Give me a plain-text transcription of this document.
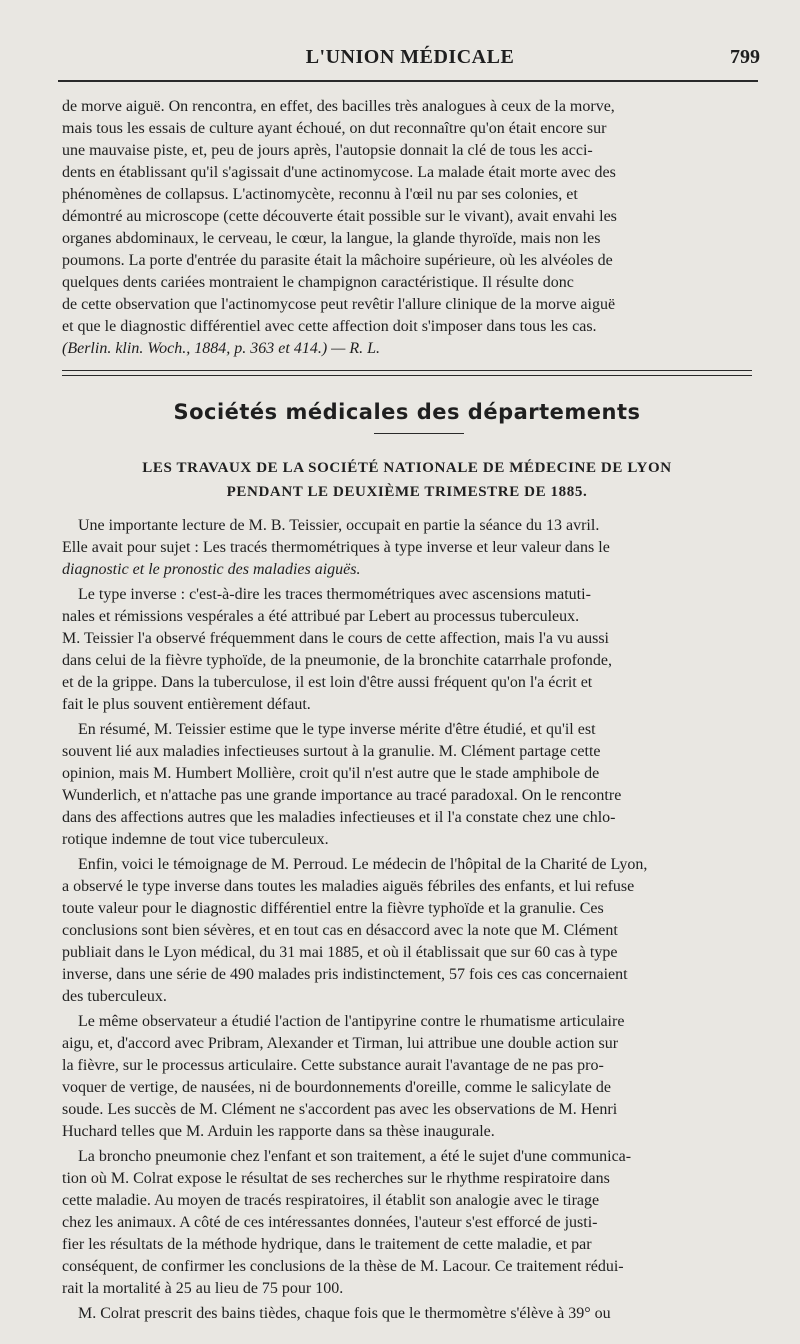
L'UNION MÉDICALE	799

de morve aiguë. On rencontra, en effet, des bacilles très analogues à ceux de la morve,

mais tous les essais de culture ayant échoué, on dut reconnaître qu'on était encore sur

une mauvaise piste, et, peu de jours après, l'autopsie donnait la clé de tous les acci-

dents en établissant qu'il s'agissait d'une actinomycose. La malade était morte avec des

phénomènes de collapsus. L'actinomycète, reconnu à l'œil nu par ses colonies, et

démontré au microscope (cette découverte était possible sur le vivant), avait envahi les

organes abdominaux, le cerveau, le cœur, la langue, la glande thyroïde, mais non les

poumons. La porte d'entrée du parasite était la mâchoire supérieure, où les alvéoles de

quelques dents cariées montraient le champignon caractéristique. Il résulte donc

de cette observation que l'actinomycose peut revêtir l'allure clinique de la morve aiguë

et que le diagnostic différentiel avec cette affection doit s'imposer dans tous les cas.

(Berlin. klin. Woch., 1884, p. 363 et 414.) — R. L.

Sociétés médicales des départements
LES TRAVAUX DE LA SOCIÉTÉ NATIONALE DE MÉDECINE DE LYON
PENDANT LE DEUXIÈME TRIMESTRE DE 1885.

Une importante lecture de M. B. Teissier, occupait en partie la séance du 13 avril.

Elle avait pour sujet : Les tracés thermométriques à type inverse et leur valeur dans le

diagnostic et le pronostic des maladies aiguës.

Le type inverse : c'est-à-dire les traces thermométriques avec ascensions matuti-

nales et rémissions vespérales a été attribué par Lebert au processus tuberculeux.

M. Teissier l'a observé fréquemment dans le cours de cette affection, mais l'a vu aussi

dans celui de la fièvre typhoïde, de la pneumonie, de la bronchite catarrhale profonde,

et de la grippe. Dans la tuberculose, il est loin d'être aussi fréquent qu'on l'a écrit et

fait le plus souvent entièrement défaut.

En résumé, M. Teissier estime que le type inverse mérite d'être étudié, et qu'il est

souvent lié aux maladies infectieuses surtout à la granulie. M. Clément partage cette

opinion, mais M. Humbert Mollière, croit qu'il n'est autre que le stade amphibole de

Wunderlich, et n'attache pas une grande importance au tracé paradoxal. On le rencontre

dans des affections autres que les maladies infectieuses et il l'a constate chez une chlo-

rotique indemne de tout vice tuberculeux.

Enfin, voici le témoignage de M. Perroud. Le médecin de l'hôpital de la Charité de Lyon,

a observé le type inverse dans toutes les maladies aiguës fébriles des enfants, et lui refuse

toute valeur pour le diagnostic différentiel entre la fièvre typhoïde et la granulie. Ces

conclusions sont bien sévères, et en tout cas en désaccord avec la note que M. Clément

publiait dans le Lyon médical, du 31 mai 1885, et où il établissait que sur 60 cas à type

inverse, dans une série de 490 malades pris indistinctement, 57 fois ces cas concernaient

des tuberculeux.

Le même observateur a étudié l'action de l'antipyrine contre le rhumatisme articulaire

aigu, et, d'accord avec Pribram, Alexander et Tirman, lui attribue une double action sur

la fièvre, sur le processus articulaire. Cette substance aurait l'avantage de ne pas pro-

voquer de vertige, de nausées, ni de bourdonnements d'oreille, comme le salicylate de

soude. Les succès de M. Clément ne s'accordent pas avec les observations de M. Henri

Huchard telles que M. Arduin les rapporte dans sa thèse inaugurale.

La broncho pneumonie chez l'enfant et son traitement, a été le sujet d'une communica-

tion où M. Colrat expose le résultat de ses recherches sur le rhythme respiratoire dans

cette maladie. Au moyen de tracés respiratoires, il établit son analogie avec le tirage

chez les animaux. A côté de ces intéressantes données, l'auteur s'est efforcé de justi-

fier les résultats de la méthode hydrique, dans le traitement de cette maladie, et par

conséquent, de confirmer les conclusions de la thèse de M. Lacour. Ce traitement rédui-

rait la mortalité à 25 au lieu de 75 pour 100.

M. Colrat prescrit des bains tièdes, chaque fois que le thermomètre s'élève à 39° ou
